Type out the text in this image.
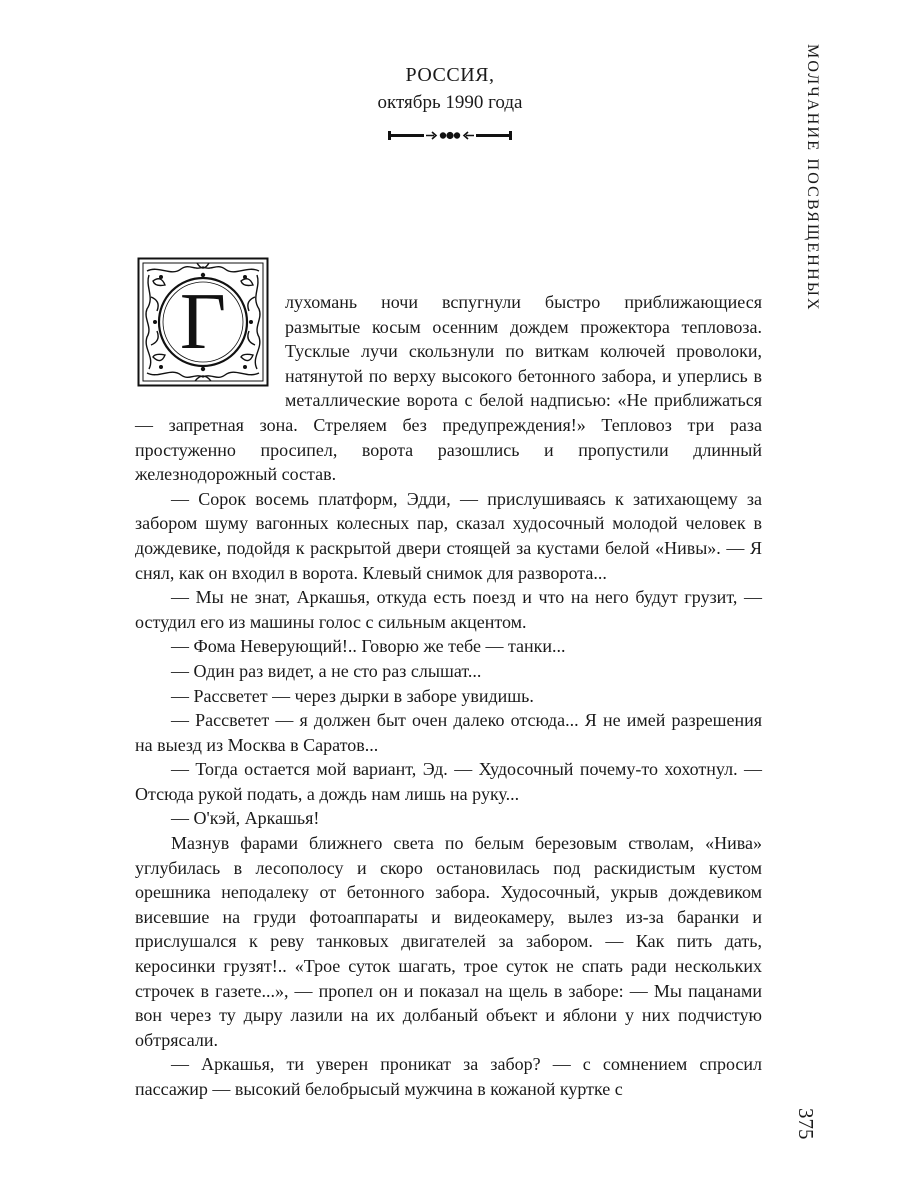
РОССИЯ,
октябрь 1990 года	МОЛЧАНИЕ ПОСВЯЩЕННЫХ
Г	лухомань ночи вспугнули быстро приближающиеся размытые косым осенним дождем прожектора тепловоза. Тусклые лучи скользнули по виткам колючей проволоки, натянутой по верху высокого бетонного забора, и уперлись в металлические ворота с белой надписью: «Не приближаться — запретная зона. Стреляем без предупреждения!» Тепловоз три раза простуженно просипел, ворота разошлись и пропустили длинный железнодорожный состав.

— Сорок восемь платформ, Эдди, — прислушиваясь к затихающему за забором шуму вагонных колесных пар, сказал худосочный молодой человек в дождевике, подойдя к раскрытой двери стоящей за кустами белой «Нивы». — Я снял, как он входил в ворота. Клевый снимок для разворота...

— Мы не знат, Аркашья, откуда есть поезд и что на него будут грузит, — остудил его из машины голос с сильным акцентом.

— Фома Неверующий!.. Говорю же тебе — танки...

— Один раз видет, а не сто раз слышат...

— Рассветет — через дырки в заборе увидишь.

— Рассветет — я должен быт очен далеко отсюда... Я не имей разрешения на выезд из Москва в Саратов...

— Тогда остается мой вариант, Эд. — Худосочный почему-то хохотнул. — Отсюда рукой подать, а дождь нам лишь на руку...

— О'кэй, Аркашья!

Мазнув фарами ближнего света по белым березовым стволам, «Нива» углубилась в лесополосу и скоро остановилась под раскидистым кустом орешника неподалеку от бетонного забора. Худосочный, укрыв дождевиком висевшие на груди фотоаппараты и видеокамеру, вылез из-за баранки и прислушался к реву танковых двигателей за забором. — Как пить дать, керосинки грузят!.. «Трое суток шагать, трое суток не спать ради нескольких строчек в газете...», — пропел он и показал на щель в заборе: — Мы пацанами вон через ту дыру лазили на их долбаный объект и яблони у них подчистую обтрясали.

— Аркашья, ти уверен проникат за забор? — с сомнением спросил пассажир — высокий белобрысый мужчина в кожаной куртке с

375
